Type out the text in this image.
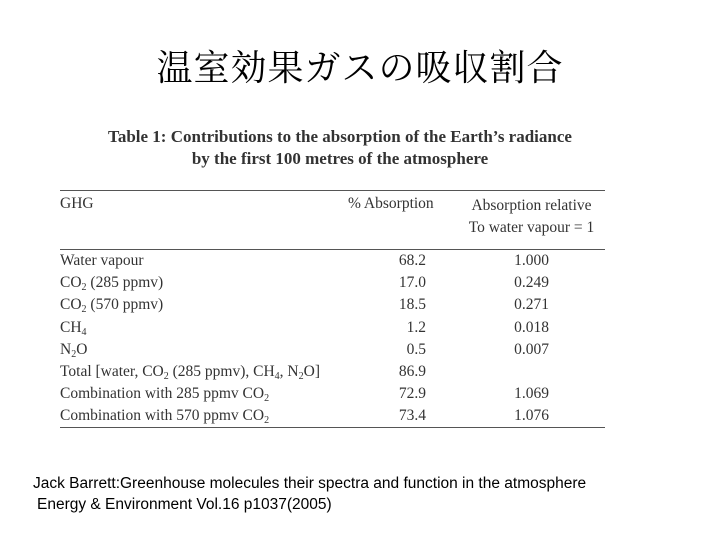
温室効果ガスの吸収割合
Table 1: Contributions to the absorption of the Earth’s radiance
by the first 100 metres of the atmosphere
GHG	% Absorption	Absorption relative
To water vapour = 1

Water vapour	68.2	1.000
$CO_2$ (285 ppmv)	17.0	0.249
$CO_2$ (570 ppmv)	18.5	0.271
$CH_4$	1.2	0.018
$N_2O$	0.5	0.007
Total [water, $CO_2$ (285 ppmv), $CH_4$, $N_2O$]	86.9	
Combination with 285 ppmv $CO_2$	72.9	1.069
Combination with 570 ppmv $CO_2$	73.4	1.076
Jack Barrett:Greenhouse molecules their spectra and function in the atmosphere
Energy & Environment Vol.16 p1037(2005)
